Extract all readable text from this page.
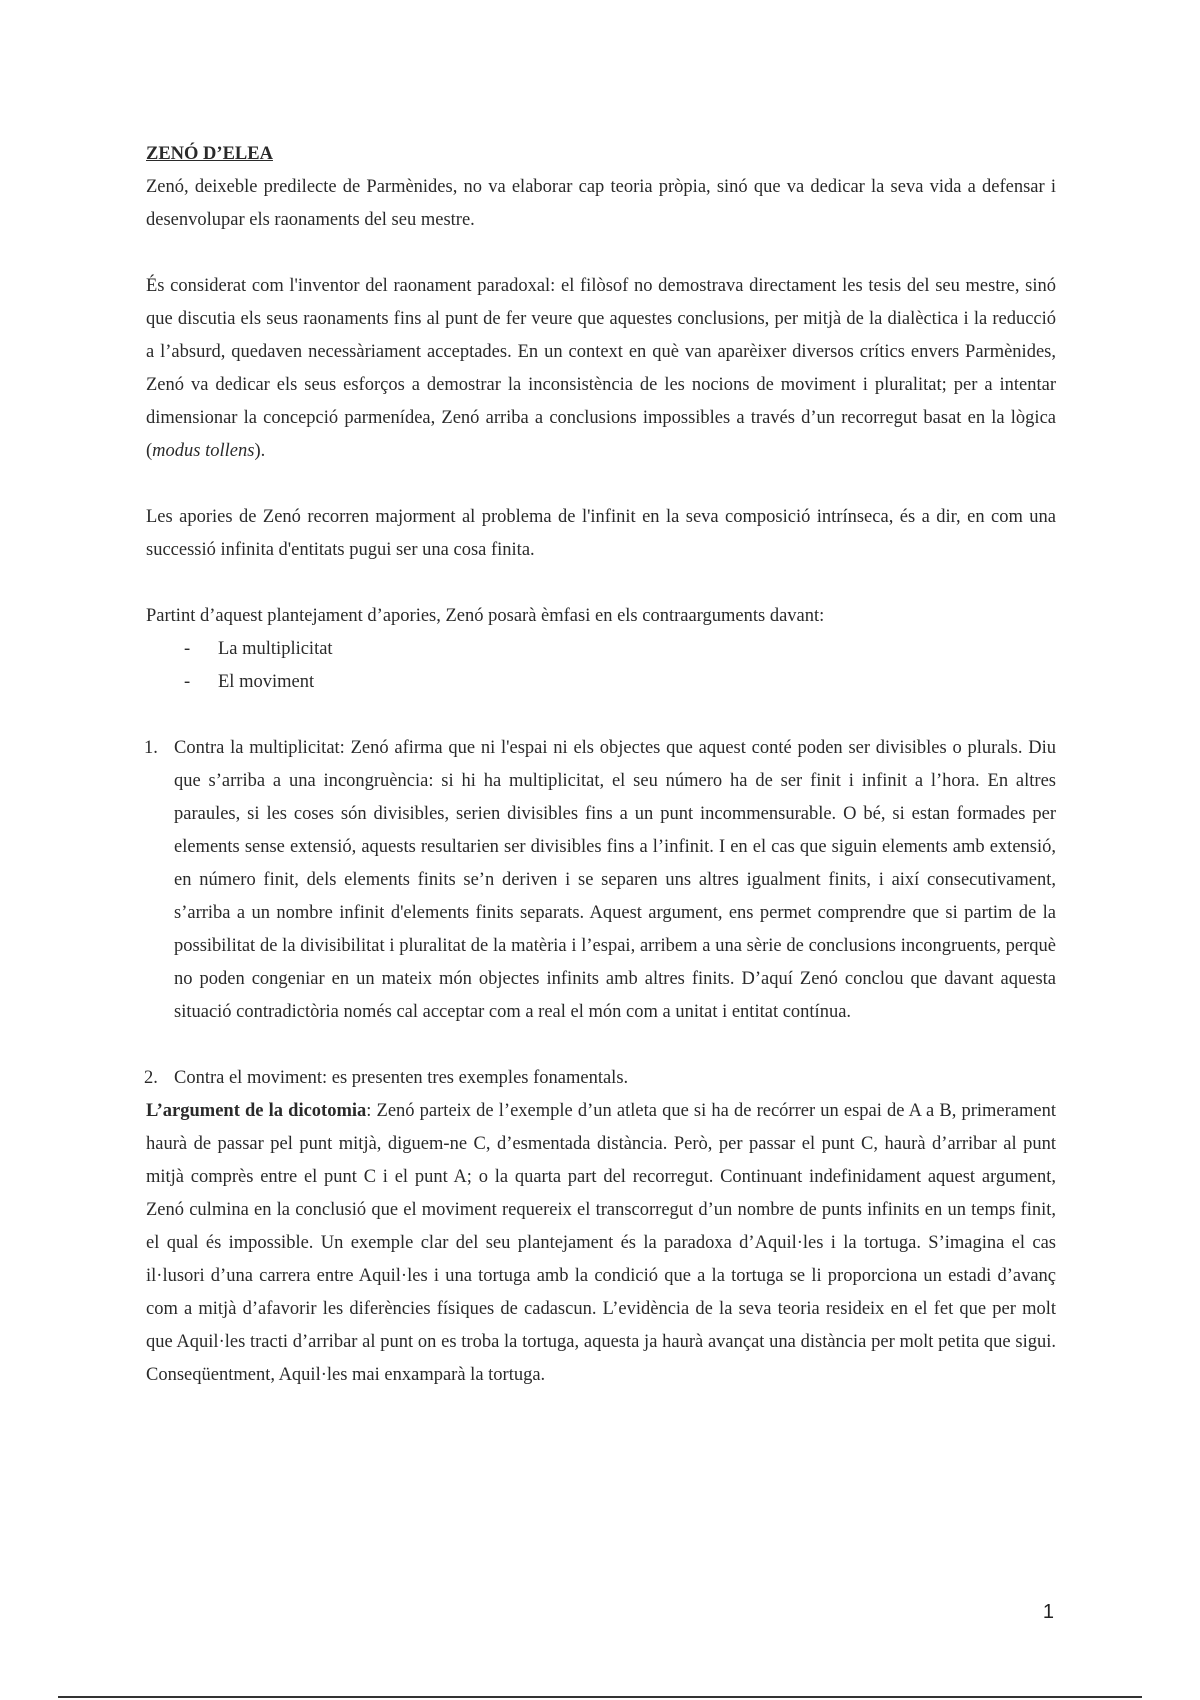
ZENÓ D’ELEA

Zenó, deixeble predilecte de Parmènides, no va elaborar cap teoria pròpia, sinó que va dedicar la seva vida a defensar i desenvolupar els raonaments del seu mestre.

És considerat com l'inventor del raonament paradoxal: el filòsof no demostrava directament les tesis del seu mestre, sinó que discutia els seus raonaments fins al punt de fer veure que aquestes conclusions, per mitjà de la dialèctica i la reducció a l’absurd, quedaven necessàriament acceptades. En un context en què van aparèixer diversos crítics envers Parmènides, Zenó va dedicar els seus esforços a demostrar la inconsistència de les nocions de moviment i pluralitat; per a intentar dimensionar la concepció parmenídea, Zenó arriba a conclusions impossibles a través d’un recorregut basat en la lògica (modus tollens).

Les apories de Zenó recorren majorment al problema de l'infinit en la seva composició intrínseca, és a dir, en com una successió infinita d'entitats pugui ser una cosa finita.

Partint d’aquest plantejament d’apories, Zenó posarà èmfasi en els contraarguments davant:

- La multiplicitat
- El moviment
1. Contra la multiplicitat: Zenó afirma que ni l'espai ni els objectes que aquest conté poden ser divisibles o plurals. Diu que s’arriba a una incongruència: si hi ha multiplicitat, el seu número ha de ser finit i infinit a l’hora. En altres paraules, si les coses són divisibles, serien divisibles fins a un punt incommensurable. O bé, si estan formades per elements sense extensió, aquests resultarien ser divisibles fins a l’infinit. I en el cas que siguin elements amb extensió, en número finit, dels elements finits se’n deriven i se separen uns altres igualment finits, i així consecutivament, s’arriba a un nombre infinit d'elements finits separats. Aquest argument, ens permet comprendre que si partim de la possibilitat de la divisibilitat i pluralitat de la matèria i l’espai, arribem a una sèrie de conclusions incongruents, perquè no poden congeniar en un mateix món objectes infinits amb altres finits. D’aquí Zenó conclou que davant aquesta situació contradictòria només cal acceptar com a real el món com a unitat i entitat contínua.
2. Contra el moviment: es presenten tres exemples fonamentals.

L’argument de la dicotomia: Zenó parteix de l’exemple d’un atleta que si ha de recórrer un espai de A a B, primerament haurà de passar pel punt mitjà, diguem-ne C, d’esmentada distància. Però, per passar el punt C, haurà d’arribar al punt mitjà comprès entre el punt C i el punt A; o la quarta part del recorregut. Continuant indefinidament aquest argument, Zenó culmina en la conclusió que el moviment requereix el transcorregut d’un nombre de punts infinits en un temps finit, el qual és impossible. Un exemple clar del seu plantejament és la paradoxa d’Aquil·les i la tortuga. S’imagina el cas il·lusori d’una carrera entre Aquil·les i una tortuga amb la condició que a la tortuga se li proporciona un estadi d’avanç com a mitjà d’afavorir les diferències físiques de cadascun. L’evidència de la seva teoria resideix en el fet que per molt que Aquil·les tracti d’arribar al punt on es troba la tortuga, aquesta ja haurà avançat una distància per molt petita que sigui. Conseqüentment, Aquil·les mai enxamparà la tortuga.

1
